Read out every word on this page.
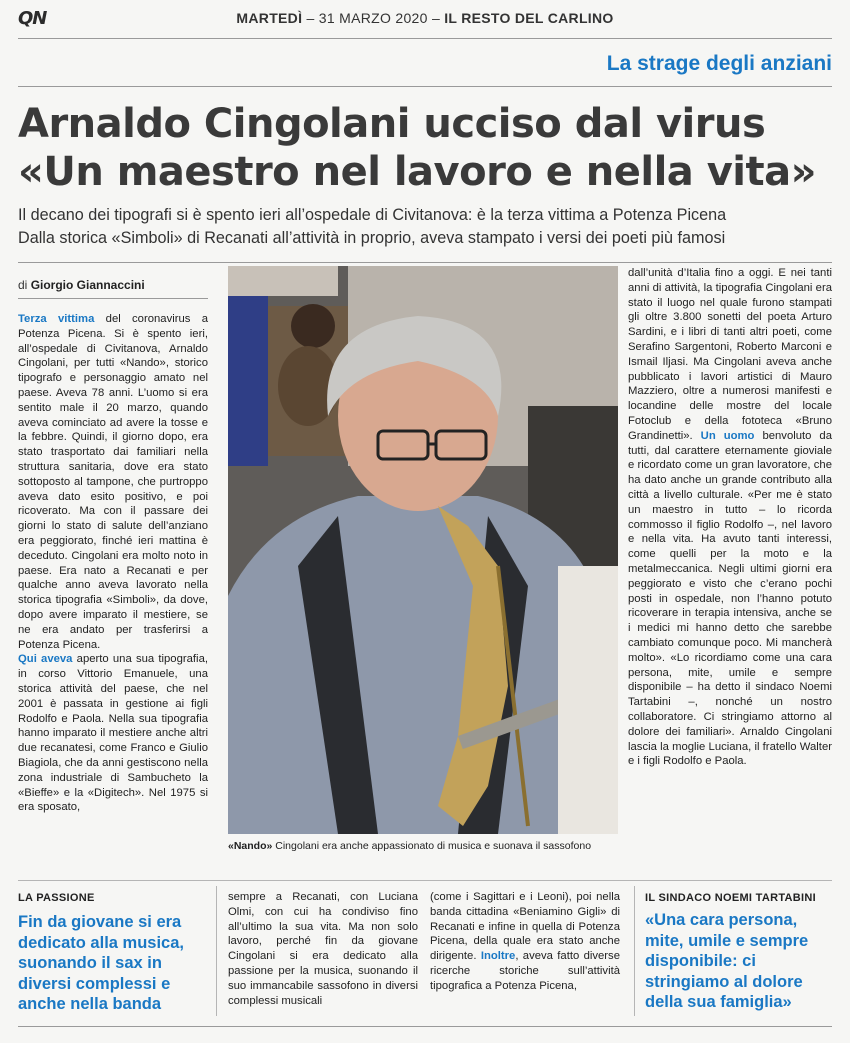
QN	MARTEDÌ – 31 MARZO 2020 – IL RESTO DEL CARLINO
La strage degli anziani
Arnaldo Cingolani ucciso dal virus
«Un maestro nel lavoro e nella vita»
Il decano dei tipografi si è spento ieri all’ospedale di Civitanova: è la terza vittima a Potenza Picena
Dalla storica «Simboli» di Recanati all’attività in proprio, aveva stampato i versi dei poeti più famosi
di Giorgio Giannaccini
Terza vittima del coronavirus a Potenza Picena. Si è spento ieri, all’ospedale di Civitanova, Arnaldo Cingolani, per tutti «Nando», storico tipografo e personaggio amato nel paese. Aveva 78 anni. L’uomo si era sentito male il 20 marzo, quando aveva cominciato ad avere la tosse e la febbre. Quindi, il giorno dopo, era stato trasportato dai familiari nella struttura sanitaria, dove era stato sottoposto al tampone, che purtroppo aveva dato esito positivo, e poi ricoverato. Ma con il passare dei giorni lo stato di salute dell’anziano era peggiorato, finché ieri mattina è deceduto. Cingolani era molto noto in paese. Era nato a Recanati e per qualche anno aveva lavorato nella storica tipografia «Simboli», da dove, dopo avere imparato il mestiere, se ne era andato per trasferirsi a Potenza Picena.
Qui aveva aperto una sua tipografia, in corso Vittorio Emanuele, una storica attività del paese, che nel 2001 è passata in gestione ai figli Rodolfo e Paola. Nella sua tipografia hanno imparato il mestiere anche altri due recanatesi, come Franco e Giulio Biagiola, che da anni gestiscono nella zona industriale di Sambucheto la «Bieffe» e la «Digitech». Nel 1975 si era sposato,
«Nando» Cingolani era anche appassionato di musica e suonava il sassofono
dall’unità d’Italia fino a oggi. E nei tanti anni di attività, la tipografia Cingolani era stato il luogo nel quale furono stampati gli oltre 3.800 sonetti del poeta Arturo Sardini, e i libri di tanti altri poeti, come Serafino Sargentoni, Roberto Marconi e Ismail Iljasi. Ma Cingolani aveva anche pubblicato i lavori artistici di Mauro Mazziero, oltre a numerosi manifesti e locandine delle mostre del locale Fotoclub e della fototeca «Bruno Grandinetti». Un uomo benvoluto da tutti, dal carattere eternamente gioviale e ricordato come un gran lavoratore, che ha dato anche un grande contributo alla città a livello culturale. «Per me è stato un maestro in tutto – lo ricorda commosso il figlio Rodolfo –, nel lavoro e nella vita. Ha avuto tanti interessi, come quelli per la moto e la metalmeccanica. Negli ultimi giorni era peggiorato e visto che c’erano pochi posti in ospedale, non l’hanno potuto ricoverare in terapia intensiva, anche se i medici mi hanno detto che sarebbe cambiato comunque poco. Mi mancherà molto». «Lo ricordiamo come una cara persona, mite, umile e sempre disponibile – ha detto il sindaco Noemi Tartabini –, nonché un nostro collaboratore. Ci stringiamo attorno al dolore dei familiari». Arnaldo Cingolani lascia la moglie Luciana, il fratello Walter e i figli Rodolfo e Paola.
LA PASSIONE
Fin da giovane si era dedicato alla musica, suonando il sax in diversi complessi e anche nella banda
sempre a Recanati, con Luciana Olmi, con cui ha condiviso fino all’ultimo la sua vita. Ma non solo lavoro, perché fin da giovane Cingolani si era dedicato alla passione per la musica, suonando il suo immancabile sassofono in diversi complessi musicali
(come i Sagittari e i Leoni), poi nella banda cittadina «Beniamino Gigli» di Recanati e infine in quella di Potenza Picena, della quale era stato anche dirigente. Inoltre, aveva fatto diverse ricerche storiche sull’attività tipografica a Potenza Picena,
IL SINDACO NOEMI TARTABINI
«Una cara persona, mite, umile e sempre disponibile: ci stringiamo al dolore della sua famiglia»
